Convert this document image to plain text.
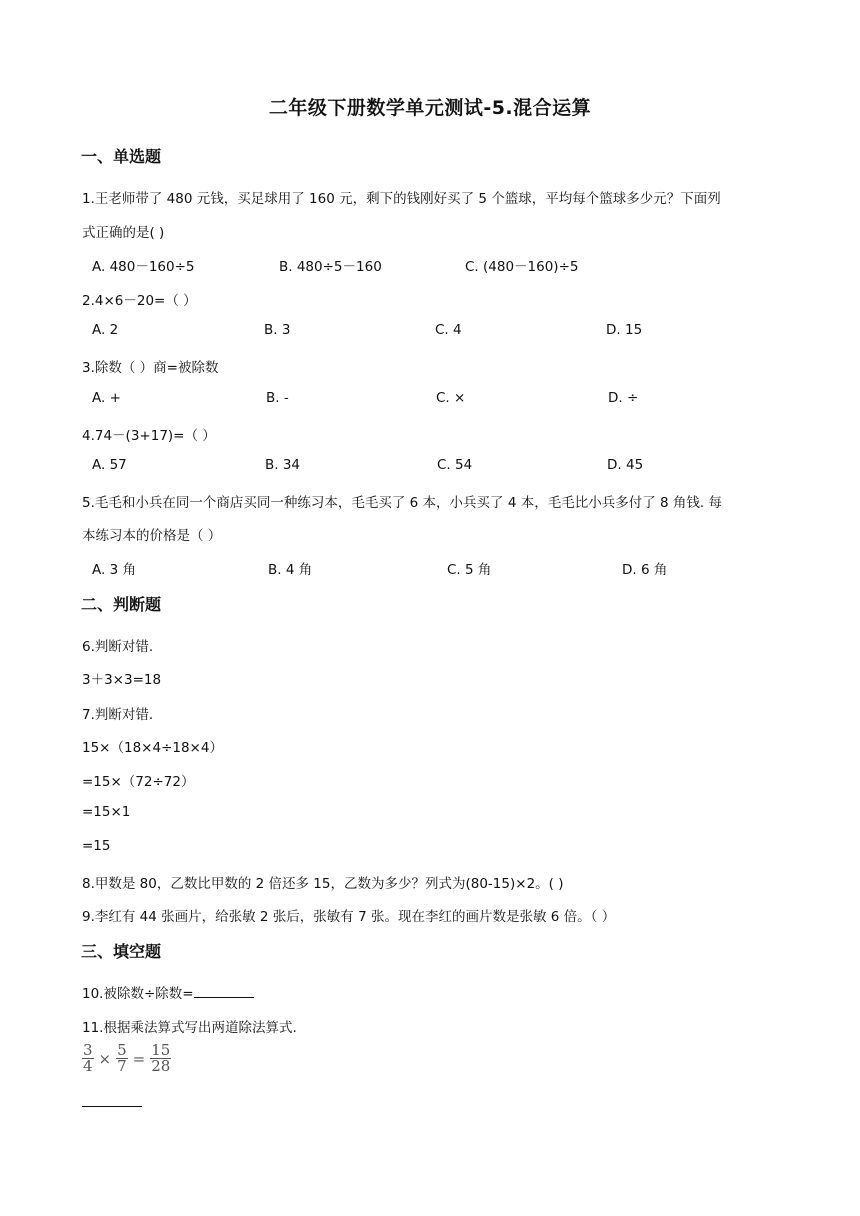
二年级下册数学单元测试-5.混合运算
一、单选题
1.王老师带了 480 元钱，买足球用了 160 元，剩下的钱刚好买了 5 个篮球，平均每个篮球多少元？下面列
式正确的是( )
A. 480－160÷5	B. 480÷5－160	C. (480－160)÷5
2.4×6－20=（ ）
A. 2	B. 3	C. 4	D. 15
3.除数（ ）商=被除数
A. +	B. -	C. ×	D. ÷
4.74－(3+17)=（ ）
A. 57	B. 34	C. 54	D. 45
5.毛毛和小兵在同一个商店买同一种练习本，毛毛买了 6 本，小兵买了 4 本，毛毛比小兵多付了 8 角钱. 每
本练习本的价格是（ ）
A. 3 角	B. 4 角	C. 5 角	D. 6 角
二、判断题
6.判断对错.
3＋3×3=18
7.判断对错.
15×（18×4÷18×4）
=15×（72÷72）
=15×1
=15
8.甲数是 80，乙数比甲数的 2 倍还多 15，乙数为多少？列式为(80-15)×2。( )
9.李红有 44 张画片，给张敏 2 张后，张敏有 7 张。现在李红的画片数是张敏 6 倍。（ ）
三、填空题
10.被除数÷除数=
11.根据乘法算式写出两道除法算式.
$\frac{3}{4} \times \frac{5}{7} = \frac{15}{28}$
